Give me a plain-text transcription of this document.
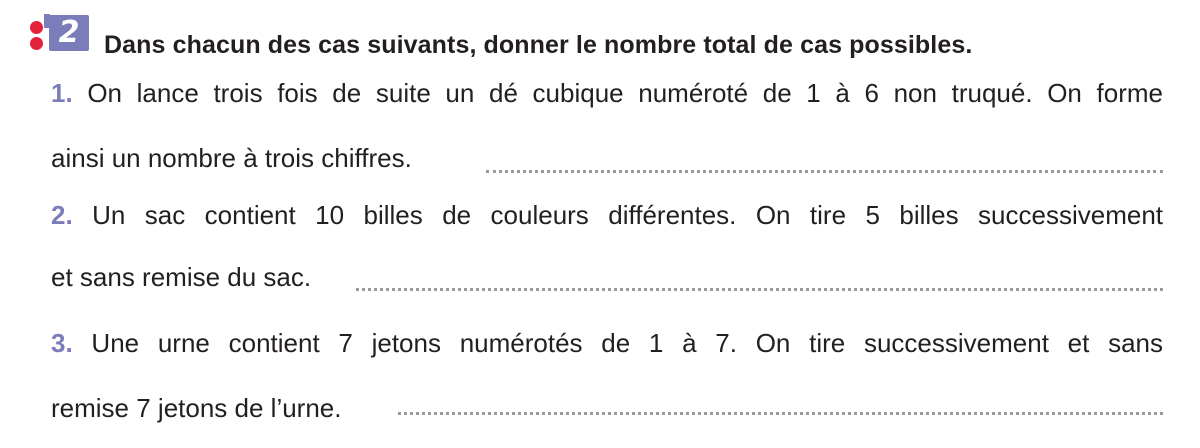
2 Dans chacun des cas suivants, donner le nombre total de cas possibles.
1. On lance trois fois de suite un dé cubique numéroté de 1 à 6 non truqué. On forme
ainsi un nombre à trois chiffres.
2. Un sac contient 10 billes de couleurs différentes. On tire 5 billes successivement
et sans remise du sac.
3. Une urne contient 7 jetons numérotés de 1 à 7. On tire successivement et sans
remise 7 jetons de l’urne.
